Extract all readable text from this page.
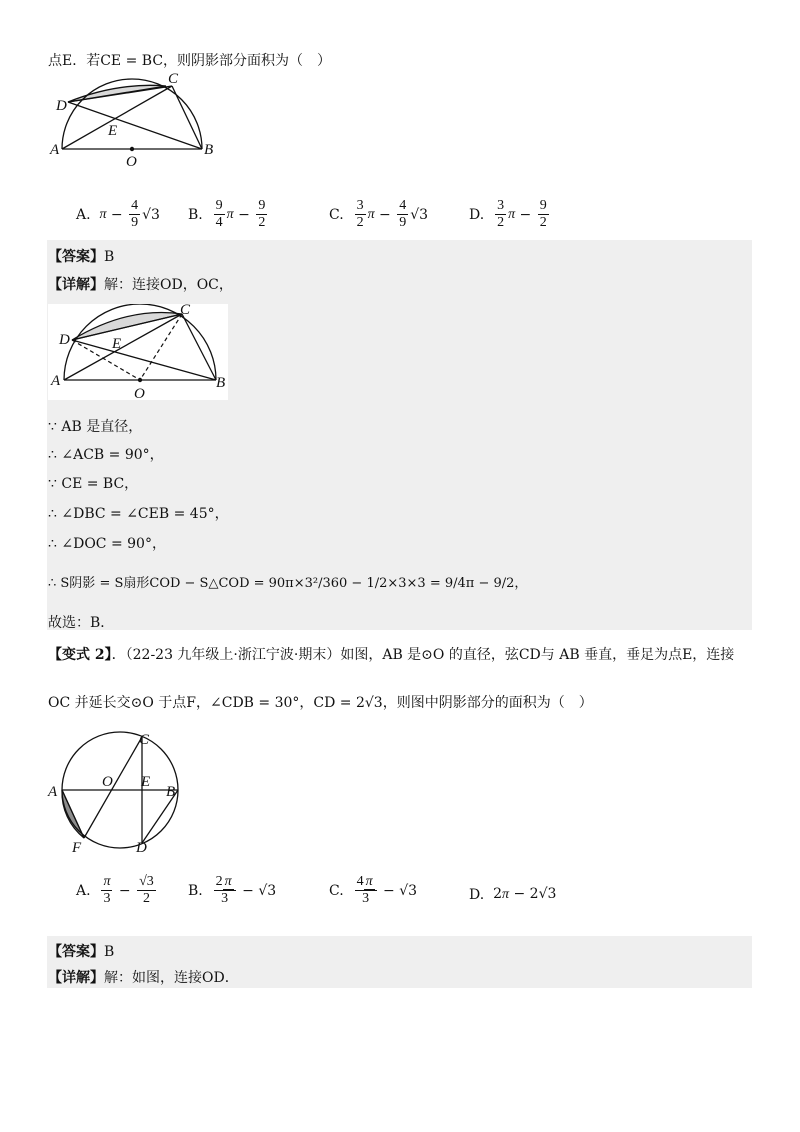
点E．若CE = BC，则阴影部分面积为（　）
A	B
C
D
E
O
A.
$\pi - \frac{4}{9} √3$ B.
$\frac{9}{4}$ $\pi - \frac{9}{2}$	C.
$\frac{3}{2}$ $\pi - \frac{4}{9} √3$	D.
$\frac{3}{2}$ $\pi - \frac{9}{2}$
【答案】B
【详解】解：连接OD，OC，
A	B
C
D	E
O
∵ AB 是直径，
∴ ∠ACB = 90°，
∵ CE = BC，
∴ ∠DBC = ∠CEB = 45°，
∴ ∠DOC = 90°，
∴ S阴影 = S扇形COD − S△COD = 90π×3²/360 − 1/2×3×3 = 9/4π − 9/2，
故选：B．
【变式 2】．（22-23 九年级上·浙江宁波·期末）如图，AB 是⊙O 的直径，弦CD与 AB 垂直，垂足为点E，连接
OC 并延长交⊙O 于点F，∠CDB = 30°，CD = 2√3，则图中阴影部分的面积为（　）
A	B
C
D
E
O
F
A.
$\frac{\pi}{3} - \frac{√3}{2} B$.
$\frac{2 \pi}{3} - √3$	C.
$\frac{4 \pi}{3} - √3$	D.
2π − 2√3
【答案】B
【详解】解：如图，连接OD．
